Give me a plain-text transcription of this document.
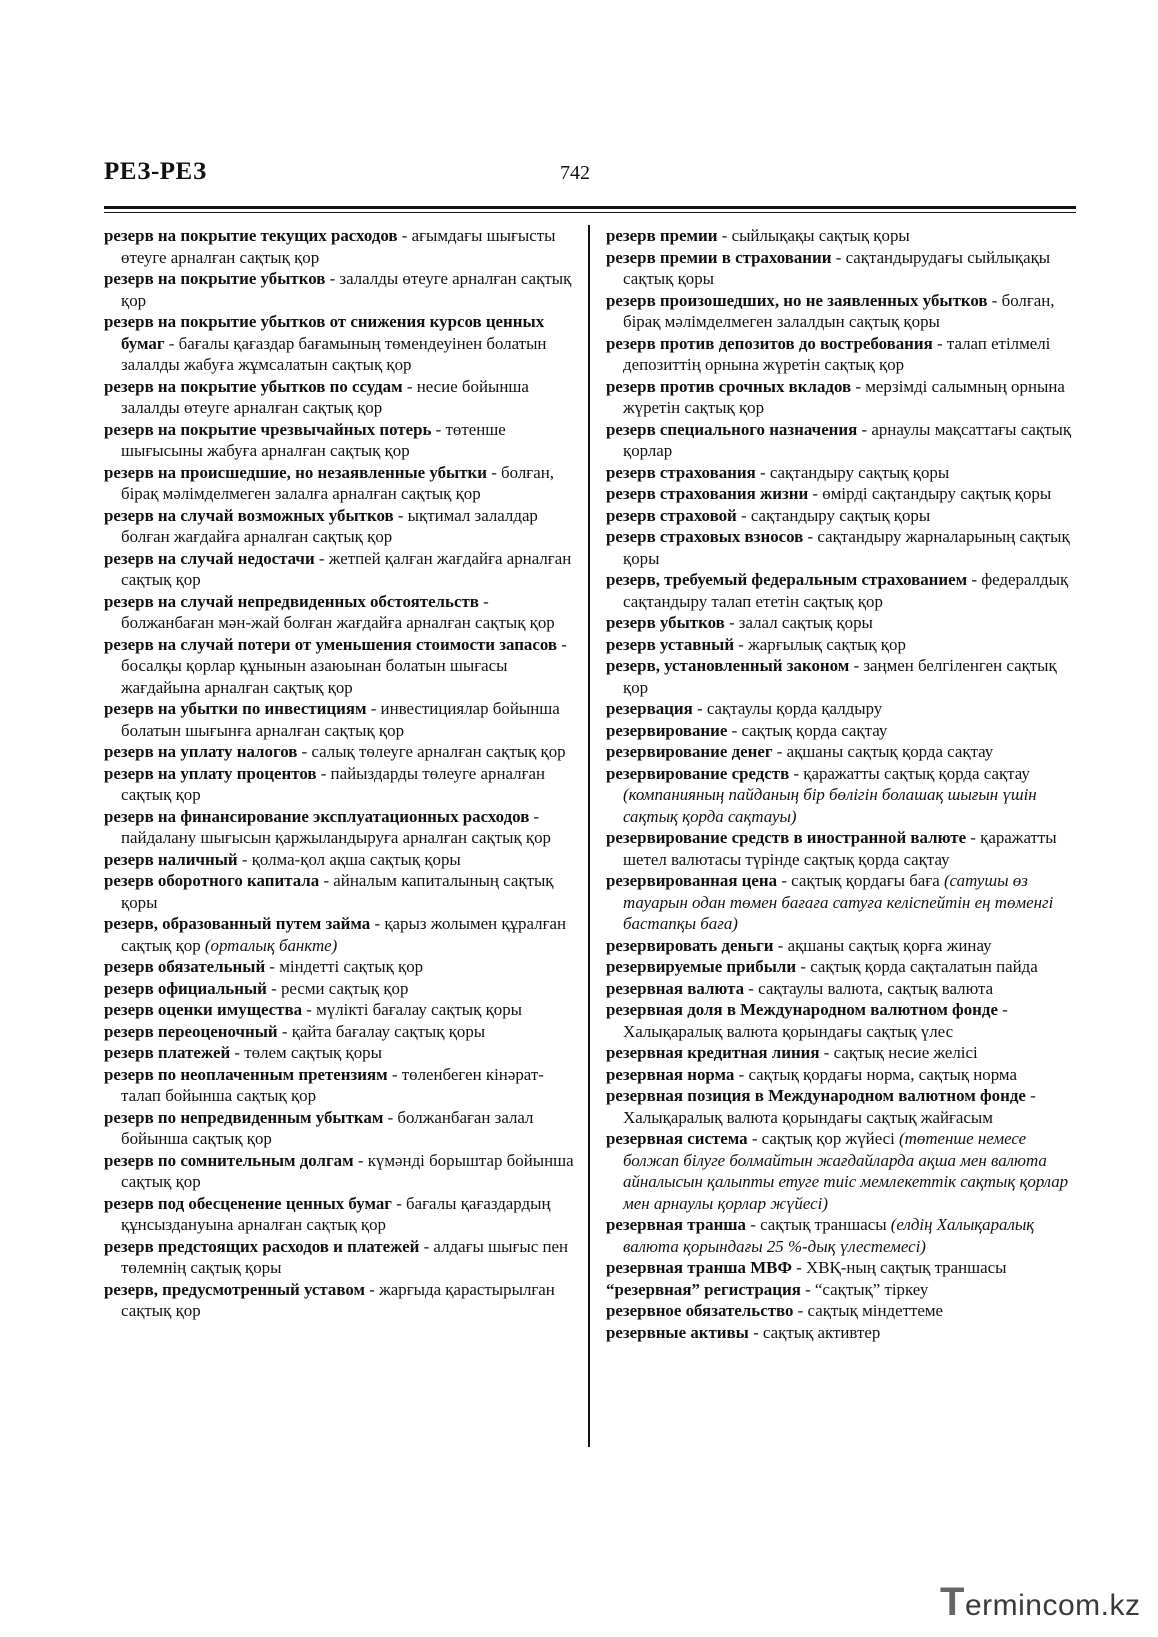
РЕЗ-РЕЗ	742

резерв на покрытие текущих расходов - ағымдағы шығысты өтеуге арналған сақтық қор

резерв на покрытие убытков - залалды өтеуге арналған сақтық қор

резерв на покрытие убытков от снижения курсов ценных бумаг - бағалы қағаздар бағамының төмендеуінен болатын залалды жабуға жұмсалатын сақтық қор

резерв на покрытие убытков по ссудам - несие бойынша залалды өтеуге арналған сақтық қор

резерв на покрытие чрезвычайных потерь - төтенше шығысыны жабуға арналған сақтық қор

резерв на происшедшие, но незаявленные убытки - болған, бірақ мәлімделмеген залалға арналған сақтық қор

резерв на случай возможных убытков - ықтимал залалдар болған жағдайға арналған сақтық қор

резерв на случай недостачи - жетпей қалған жағдайға арналған сақтық қор

резерв на случай непредвиденных обстоятельств - болжанбаған мән-жай болған жағдайға арналған сақтық қор

резерв на случай потери от уменьшения стоимости запасов - босалқы қорлар құнынын азаюынан болатын шығасы жағдайына арналған сақтық қор

резерв на убытки по инвестициям - инвестициялар бойынша болатын шығынға арналған сақтық қор

резерв на уплату налогов - салық төлеуге арналған сақтық қор

резерв на уплату процентов - пайыздарды төлеуге арналған сақтық қор

резерв на финансирование эксплуатационных расходов - пайдалану шығысын қаржыландыруға арналған сақтық қор

резерв наличный - қолма-қол ақша сақтық қоры

резерв оборотного капитала - айналым капиталының сақтық қоры

резерв, образованный путем займа - қарыз жолымен құралған сақтық қор (орталық банкте)

резерв обязательный - міндетті сақтық қор

резерв официальный - ресми сақтық қор

резерв оценки имущества - мүлікті бағалау сақтық қоры

резерв переоценочный - қайта бағалау сақтық қоры

резерв платежей - төлем сақтық қоры

резерв по неоплаченным претензиям - төленбеген кінәрат-талап бойынша сақтық қор

резерв по непредвиденным убыткам - болжанбаған залал бойынша сақтық қор

резерв по сомнительным долгам - күмәнді борыштар бойынша сақтық қор

резерв под обесценение ценных бумаг - бағалы қағаздардың құнсыздануына арналған сақтық қор

резерв предстоящих расходов и платежей - алдағы шығыс пен төлемнің сақтық қоры

резерв, предусмотренный уставом - жарғыда қарастырылған сақтық қор

резерв премии - сыйлықақы сақтық қоры

резерв премии в страховании - сақтандырудағы сыйлықақы сақтық қоры

резерв произошедших, но не заявленных убытков - болған, бірақ мәлімделмеген залалдын сақтық қоры

резерв против депозитов до востребования - талап етілмелі депозиттің орнына жүретін сақтық қор

резерв против срочных вкладов - мерзімді салымның орнына жүретін сақтық қор

резерв специального назначения - арнаулы мақсаттағы сақтық қорлар

резерв страхования - сақтандыру сақтық қоры

резерв страхования жизни - өмірді сақтандыру сақтық қоры

резерв страховой - сақтандыру сақтық қоры

резерв страховых взносов - сақтандыру жарналарының сақтық қоры

резерв, требуемый федеральным страхованием - федералдық сақтандыру талап ететін сақтық қор

резерв убытков - залал сақтық қоры

резерв уставный - жарғылық сақтық қор

резерв, установленный законом - заңмен белгіленген сақтық қор

резервация - сақтаулы қорда қалдыру

резервирование - сақтық қорда сақтау

резервирование денег - ақшаны сақтық қорда сақтау

резервирование средств - қаражатты сақтық қорда сақтау (компанияның пайданың бір бөлігін болашақ шығын үшін сақтық қорда сақтауы)

резервирование средств в иностранной валюте - қаражатты шетел валютасы түрінде сақтық қорда сақтау

резервированная цена - сақтық қордағы баға (сатушы өз тауарын одан төмен бағаға сатуға келіспейтін ең төменгі бастапқы баға)

резервировать деньги - ақшаны сақтық қорға жинау

резервируемые прибыли - сақтық қорда сақталатын пайда

резервная валюта - сақтаулы валюта, сақтық валюта

резервная доля в Международном валютном фонде - Халықаралық валюта қорындағы сақтық үлес

резервная кредитная линия - сақтық несие желісі

резервная норма - сақтық қордағы норма, сақтық норма

резервная позиция в Международном валютном фонде - Халықаралық валюта қорындағы сақтық жайғасым

резервная система - сақтық қор жүйесі (төтенше немесе болжап білуге болмайтын жағдайларда ақша мен валюта айналысын қалыпты етуге тиіс мемлекеттік сақтық қорлар мен арнаулы қорлар жүйесі)

резервная транша - сақтық траншасы (елдің Халықаралық валюта қорындағы 25 %-дық үлестемесі)

резервная транша МВФ - ХВҚ-ның сақтық траншасы

“резервная” регистрация - “сақтық” тіркеу

резервное обязательство - сақтық міндеттеме

резервные активы - сақтық активтер

Termincom.kz
